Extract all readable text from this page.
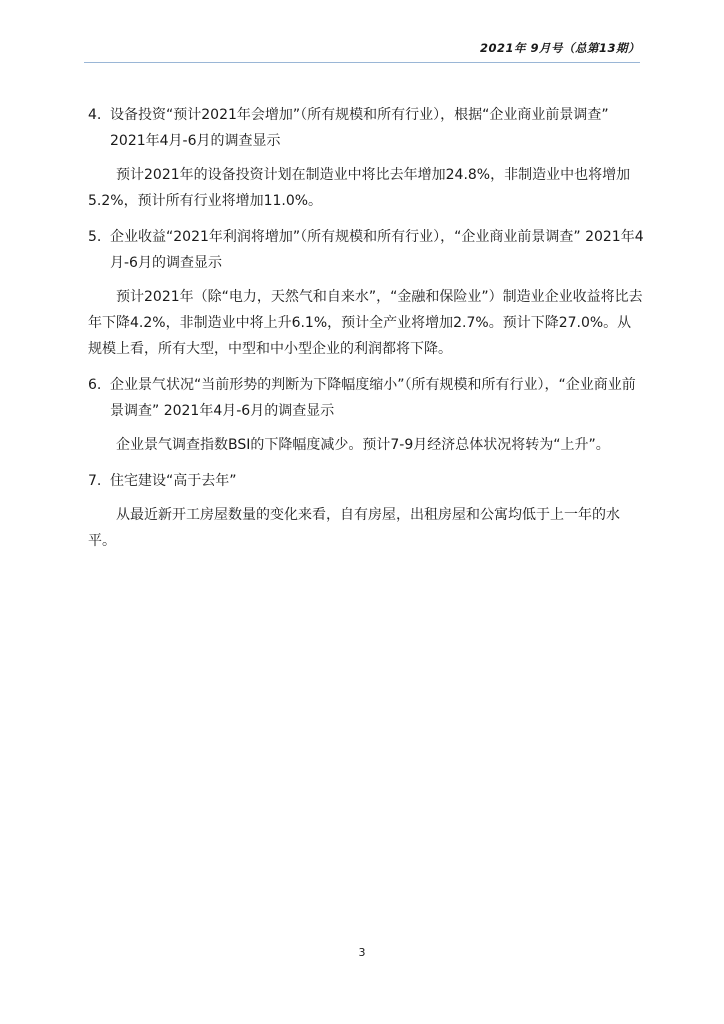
2021年 9月号（总第13期）
4. 设备投资“预计2021年会增加”（所有规模和所有行业），根据“企业商业前景调查” 2021年4月-6月的调查显示
预计2021年的设备投资计划在制造业中将比去年增加24.8%，非制造业中也将增加5.2%，预计所有行业将增加11.0%。
5. 企业收益“2021年利润将增加”（所有规模和所有行业），“企业商业前景调查” 2021年4月-6月的调查显示
预计2021年（除“电力，天然气和自来水”，“金融和保险业”）制造业企业收益将比去年下降4.2%，非制造业中将上升6.1%，预计全产业将增加2.7%。预计下降27.0%。从规模上看，所有大型，中型和中小型企业的利润都将下降。
6. 企业景气状况“当前形势的判断为下降幅度缩小”（所有规模和所有行业），“企业商业前景调查” 2021年4月-6月的调查显示
企业景气调查指数BSI的下降幅度减少。预计7-9月经济总体状况将转为“上升”。
7. 住宅建设“高于去年”
从最近新开工房屋数量的变化来看，自有房屋，出租房屋和公寓均低于上一年的水平。
3
